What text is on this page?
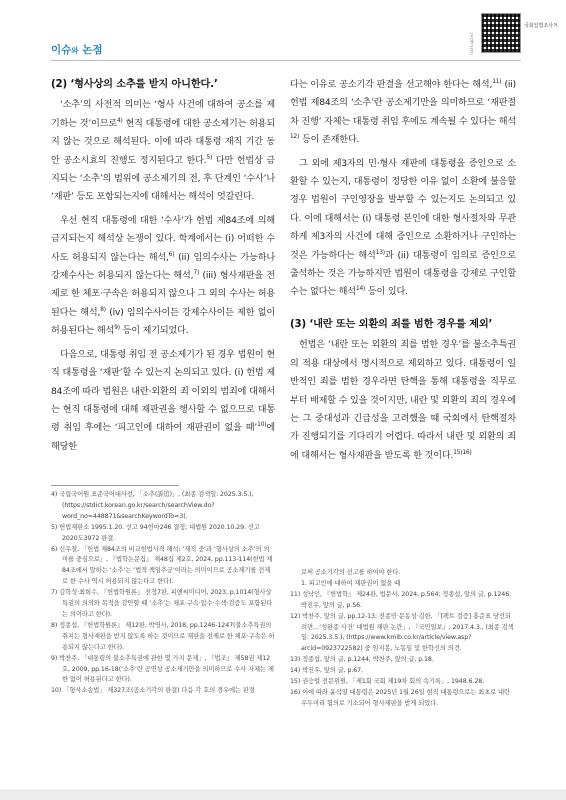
국회입법조사처
nars.go.kr
이슈와 논점

(2) ‘형사상의 소추를 받지 아니한다.’

‘소추’의 사전적 의미는 ‘형사 사건에 대하여 공소를 제기하는 것’이므로$^{4)}$ 현직 대통령에 대한 공소제기는 허용되지 않는 것으로 해석된다. 이에 따라 대통령 재직 기간 동안 공소시효의 진행도 정지된다고 한다.$^{5)}$ 다만 헌법상 금지되는 ‘소추’의 범위에 공소제기의 전, 후 단계인 ‘수사’나 ‘재판’ 등도 포함되는지에 대해서는 해석이 엇갈린다.

우선 현직 대통령에 대한 ‘수사’가 헌법 제84조에 의해 금지되는지 해석상 논쟁이 있다. 학계에서는 (i) 어떠한 수사도 허용되지 않는다는 해석,$^{6)}$ (ii) 임의수사는 가능하나 강제수사는 허용되지 않는다는 해석,$^{7)}$ (iii) 형사재판을 전제로 한 체포·구속은 허용되지 않으나 그 외의 수사는 허용된다는 해석,$^{8)}$ (iv) 임의수사이든 강제수사이든 제한 없이 허용된다는 해석$^{9)}$ 등이 제기되었다.

다음으로, 대통령 취임 전 공소제기가 된 경우 법원이 현직 대통령을 ‘재판’할 수 있는지 논의되고 있다. (i) 헌법 제84조에 따라 법원은 내란·외환의 죄 이외의 범죄에 대해서는 현직 대통령에 대해 재판권을 행사할 수 없으므로 대통령 취임 후에는 ‘피고인에 대하여 재판권이 없을 때’$^{10)}$에 해당한

4) 국립국어원 표준국어대사전, 「소추(訴追)」, (최종 검색일: 2025.3.5.), (https://stdict.korean.go.kr/search/searchView.do?word_no=448871&searchKeywordTo=3).
5) 헌법재판소 1995.1.20. 선고 94헌마246 결정; 대법원 2020.10.29. 선고 2020도3972 판결.
6) 신우철, 「헌법 제84조의 비교헌법사적 해석: ‘재직 중’과 ‘형사상의 소추’의 의미를 중심으로」, 『법학논문집』 제48집 제2호, 2024, pp.113-114(헌법 제84조에서 말하는 ‘소추’는 ‘법적 책임추궁’이라는 의미이므로 공소제기를 전제로 한 수사 역시 허용되지 않는다고 한다).
7) 김학성·최희수, 『헌법학원론』 전정7판, 피앤씨미디어, 2023, p.1014(형사상 특권의 의의와 목적을 감안할 때 ‘소추’는 체포·구속·압수·수색·검증도 포함된다는 의미라고 한다).
8) 정종섭, 『헌법학원론』 제12판, 박영사, 2018, pp.1246-1247(불소추특권의 취지는 형사재판을 받지 않도록 하는 것이므로 재판을 전제로 한 체포·구속은 허용되지 않는다고 한다).
9) 박찬주, 「대통령의 불소추특권에 관한 몇 가지 문제」, 『법조』 제58권 제12호, 2009, pp.16-18(‘소추’란 공연상 공소제기만을 의미하므로 수사 자체는 제한 없이 허용된다고 한다).
10) 「형사소송법」 제327조(공소기각의 판결) 다음 각 호의 경우에는 판결

다는 이유로 공소기각 판결을 선고해야 한다는 해석,$^{11)}$ (ii) 헌법 제84조의 ‘소추’란 공소제기만을 의미하므로 ‘재판절차 진행’ 자체는 대통령 취임 후에도 계속될 수 있다는 해석$^{12)}$ 등이 존재한다.

그 외에 제3자의 민·형사 재판에 대통령을 증인으로 소환할 수 있는지, 대통령이 정당한 이유 없이 소환에 불응할 경우 법원이 구인영장을 발부할 수 있는지도 논의되고 있다. 이에 대해서는 (i) 대통령 본인에 대한 형사절차와 무관하게 제3자의 사건에 대해 증인으로 소환하거나 구인하는 것은 가능하다는 해석$^{13)}$과 (ii) 대통령이 임의로 증인으로 출석하는 것은 가능하지만 법원이 대통령을 강제로 구인할 수는 없다는 해석$^{14)}$ 등이 있다.

(3) ‘내란 또는 외환의 죄를 범한 경우를 제외’

헌법은 ‘내란 또는 외환의 죄를 범한 경우’를 불소추특권의 적용 대상에서 명시적으로 제외하고 있다. 대통령이 일반적인 죄를 범한 경우라면 탄핵을 통해 대통령을 직무로부터 배제할 수 있을 것이지만, 내란 및 외환의 죄의 경우에는 그 중대성과 긴급성을 고려했을 때 국회에서 탄핵절차가 진행되기를 기다리기 어렵다. 따라서 내란 및 외환의 죄에 대해서는 형사재판을 받도록 한 것이다.$^{15)16)}$

로써 공소기각의 선고를 하여야 한다.
1. 피고인에 대하여 재판권이 없을 때
11) 성낙인, 『헌법학』 제24판, 법문사, 2024, p.564; 정종섭, 앞의 글, p.1246; 박진우, 앞의 글, p.56.
12) 박찬주, 앞의 글, pp.12-13; 전종민·문동성·김한, 「[팩트 검증] 홍준표 당선되려면…‘성완종 사건’ 대법원 재판 논란」, 『국민일보』, 2017.4.3., (최종 검색일: 2025.3.5.), (https://www.kmib.co.kr/article/view.asp?arcid=0923722582) 중 임지봉, 노동일 및 한학선의 의견.
13) 정종섭, 앞의 글, p.1244; 박찬주, 앞의 글, p.18.
14) 박진우, 앞의 글, p.67.
15) 권승렬 전문위원, 「제1회 국회 제19차 회의 속기록」, 1948.6.28.
16) 이에 따라 윤석열 대통령은 2025년 1월 26일 현직 대통령으로는 최초로 내란 우두머리 혐의로 기소되어 형사재판을 받게 되었다.
